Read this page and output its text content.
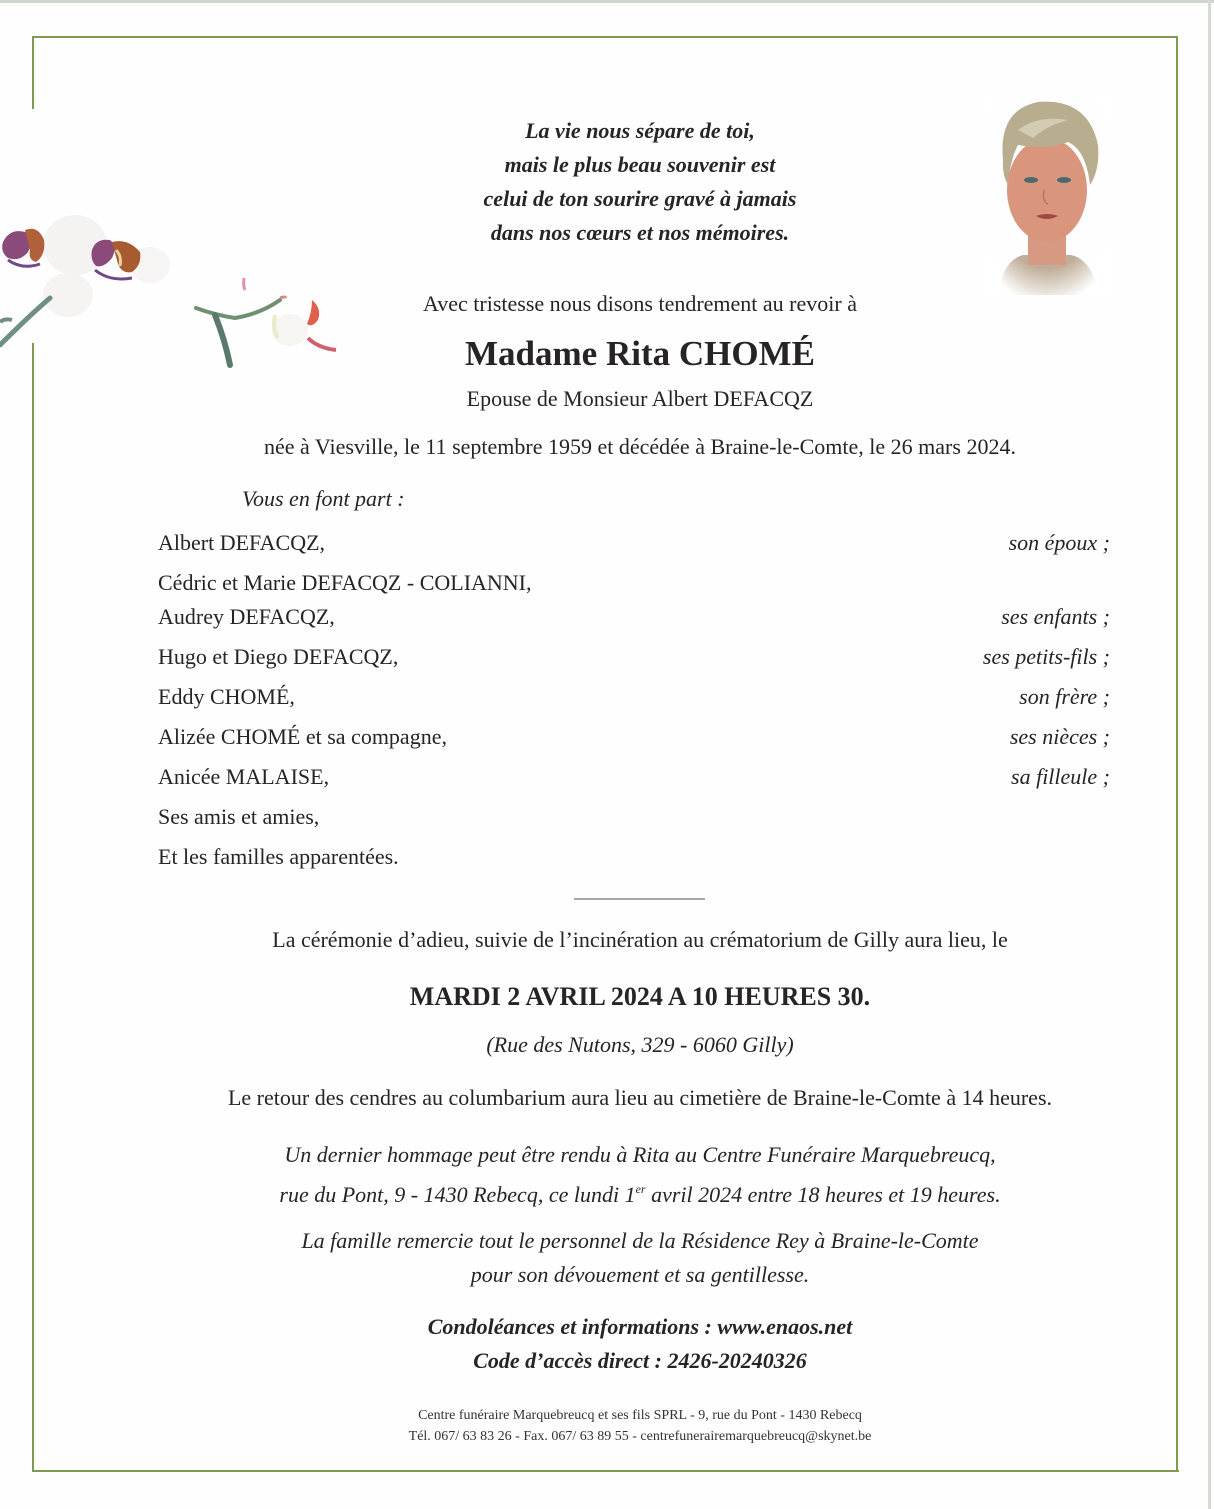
La vie nous sépare de toi,
mais le plus beau souvenir est
celui de ton sourire gravé à jamais
dans nos cœurs et nos mémoires.
Avec tristesse nous disons tendrement au revoir à
Madame Rita CHOMÉ
Epouse de Monsieur Albert DEFACQZ
née à Viesville, le 11 septembre 1959 et décédée à Braine-le-Comte, le 26 mars 2024.
Vous en font part :
Albert DEFACQZ,	son époux ;
Cédric et Marie DEFACQZ - COLIANNI,
Audrey DEFACQZ,	ses enfants ;
Hugo et Diego DEFACQZ,	ses petits-fils ;
Eddy CHOMÉ,	son frère ;
Alizée CHOMÉ et sa compagne,	ses nièces ;
Anicée MALAISE,	sa filleule ;
Ses amis et amies,
Et les familles apparentées.
La cérémonie d’adieu, suivie de l’incinération au crématorium de Gilly aura lieu, le
MARDI 2 AVRIL 2024 A 10 HEURES 30.
(Rue des Nutons, 329 - 6060 Gilly)
Le retour des cendres au columbarium aura lieu au cimetière de Braine-le-Comte à 14 heures.
Un dernier hommage peut être rendu à Rita au Centre Funéraire Marquebreucq,
rue du Pont, 9 - 1430 Rebecq, ce lundi 1er avril 2024 entre 18 heures et 19 heures.
La famille remercie tout le personnel de la Résidence Rey à Braine-le-Comte
pour son dévouement et sa gentillesse.
Condoléances et informations : www.enaos.net
Code d’accès direct : 2426-20240326
Centre funéraire Marquebreucq et ses fils SPRL - 9, rue du Pont - 1430 Rebecq
Tél. 067/ 63 83 26 - Fax. 067/ 63 89 55 - centrefunerairemarquebreucq@skynet.be
